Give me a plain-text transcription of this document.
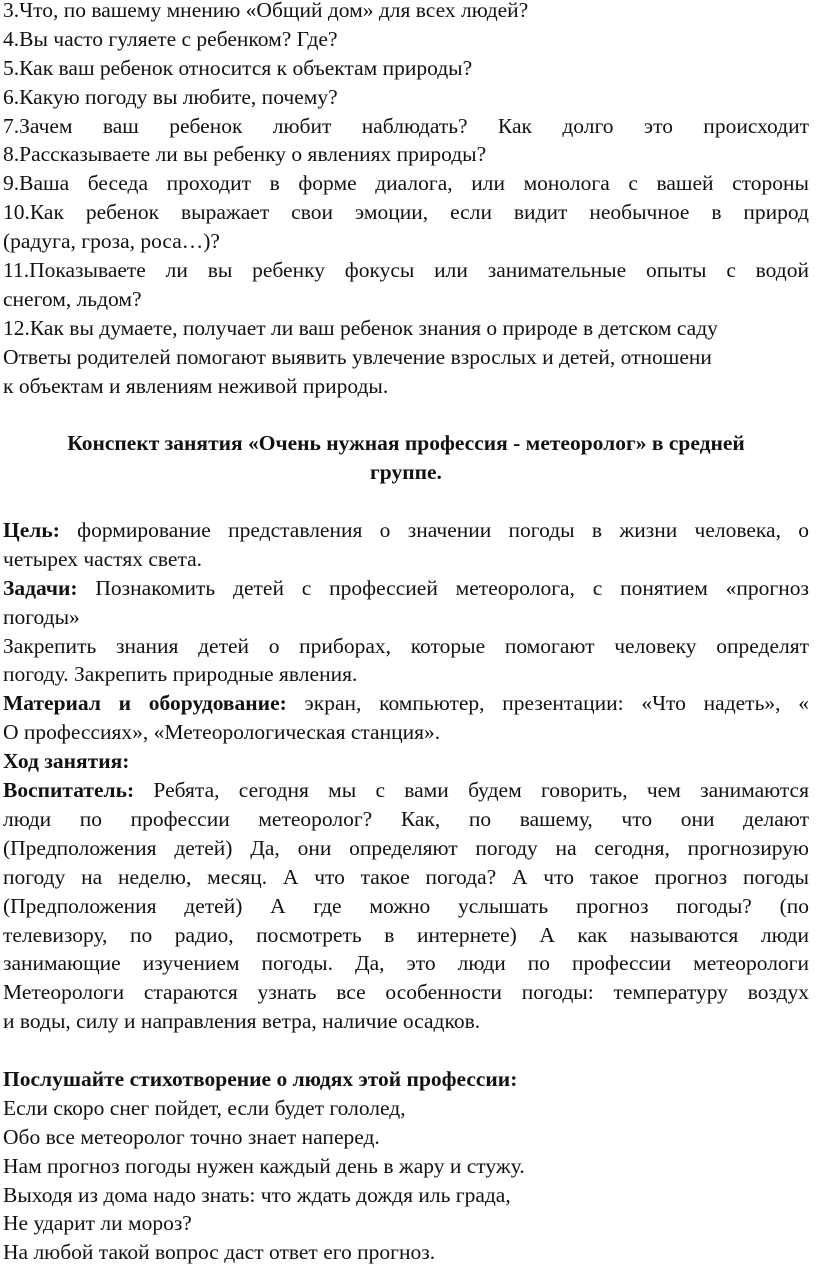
3.Что, по вашему мнению «Общий дом» для всех людей?
4.Вы часто гуляете с ребенком? Где?
5.Как ваш ребенок относится к объектам природы?
6.Какую погоду вы любите, почему?
7.Зачем ваш ребенок любит наблюдать? Как долго это происходит
8.Рассказываете ли вы ребенку о явлениях природы?
9.Ваша беседа проходит в форме диалога, или монолога с вашей стороны
10.Как ребенок выражает свои эмоции, если видит необычное в природ
(радуга, гроза, роса…)?
11.Показываете ли вы ребенку фокусы или занимательные опыты с водой
снегом, льдом?
12.Как вы думаете, получает ли ваш ребенок знания о природе в детском саду
Ответы родителей помогают выявить увлечение взрослых и детей, отношени
к объектам и явлениям неживой природы.
Конспект занятия «Очень нужная профессия - метеоролог» в средней
группе.
Цель: формирование представления о значении погоды в жизни человека, о
четырех частях света.
Задачи: Познакомить детей с профессией метеоролога, с понятием «прогноз
погоды»
Закрепить знания детей о приборах, которые помогают человеку определят
погоду. Закрепить природные явления.
Материал и оборудование: экран, компьютер, презентации: «Что надеть», «
О профессиях», «Метеорологическая станция».
Ход занятия:
Воспитатель: Ребята, сегодня мы с вами будем говорить, чем занимаются
люди по профессии метеоролог? Как, по вашему, что они делают
(Предположения детей) Да, они определяют погоду на сегодня, прогнозирую
погоду на неделю, месяц. А что такое погода? А что такое прогноз погоды
(Предположения детей) А где можно услышать прогноз погоды? (по
телевизору, по радио, посмотреть в интернете) А как называются люди
занимающие изучением погоды. Да, это люди по профессии метеорологи
Метеорологи стараются узнать все особенности погоды: температуру воздух
и воды, силу и направления ветра, наличие осадков.
Послушайте стихотворение о людях этой профессии:
Если скоро снег пойдет, если будет гололед,
Обо все метеоролог точно знает наперед.
Нам прогноз погоды нужен каждый день в жару и стужу.
Выходя из дома надо знать: что ждать дождя иль града,
Не ударит ли мороз?
На любой такой вопрос даст ответ его прогноз.
